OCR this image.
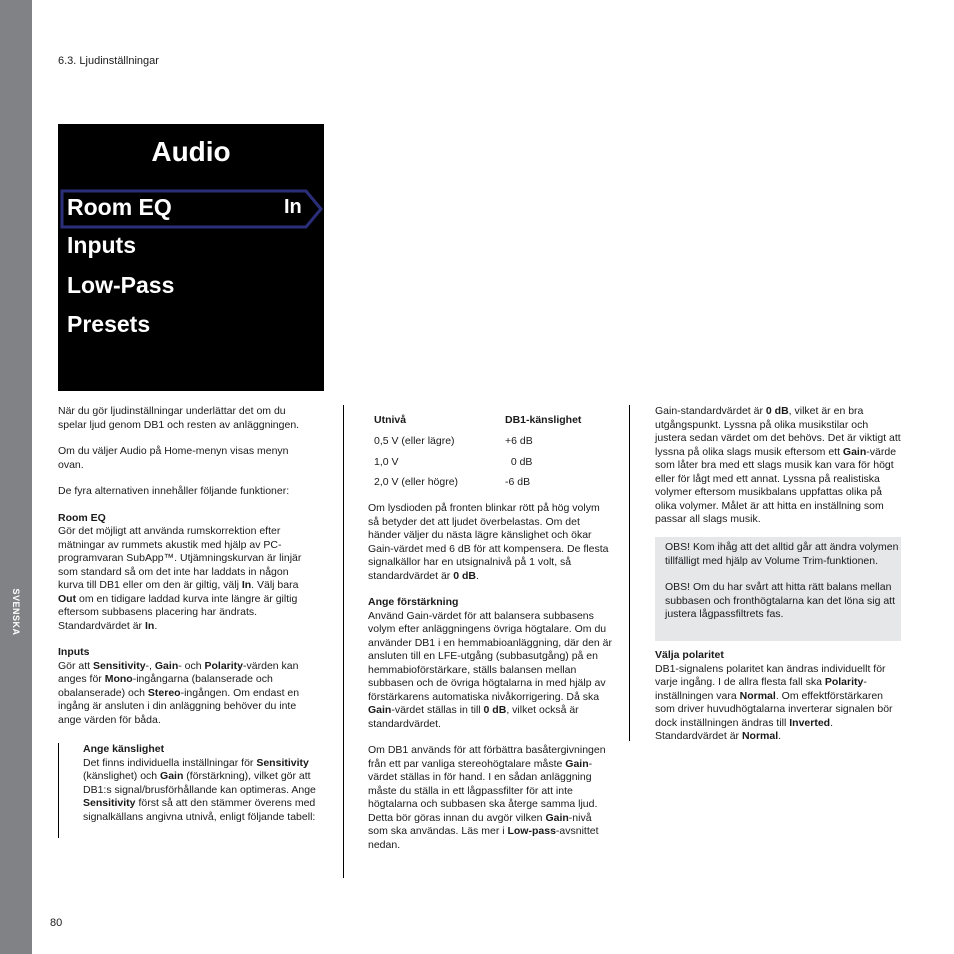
SVENSKA
6.3. Ljudinställningar
Audio
Room EQ	In
Inputs
Low-Pass
Presets

När du gör ljudinställningar underlättar det om du spelar ljud genom DB1 och resten av anläggningen.

Om du väljer Audio på Home-menyn visas menyn ovan.

De fyra alternativen innehåller följande funktioner:

Room EQ

Gör det möjligt att använda rumskorrektion efter mätningar av rummets akustik med hjälp av PC-programvaran SubApp™. Utjämningskurvan är linjär som standard så om det inte har laddats in någon kurva till DB1 eller om den är giltig, välj In. Välj bara Out om en tidigare laddad kurva inte längre är giltig eftersom subbasens placering har ändrats. Standardvärdet är In.

Inputs

Gör att Sensitivity-, Gain- och Polarity-värden kan anges för Mono-ingångarna (balanserade och obalanserade) och Stereo-ingången. Om endast en ingång är ansluten i din anläggning behöver du inte ange värden för båda.

Ange känslighet

Det finns individuella inställningar för Sensitivity (känslighet) och Gain (förstärkning), vilket gör att DB1:s signal/brusförhållande kan optimeras. Ange Sensitivity först så att den stämmer överens med signalkällans angivna utnivå, enligt följande tabell:

Utnivå	DB1-känslighet
0,5 V (eller lägre)	+6 dB
1,0 V	0 dB
2,0 V (eller högre)	-6 dB

Om lysdioden på fronten blinkar rött på hög volym så betyder det att ljudet överbelastas. Om det händer väljer du nästa lägre känslighet och ökar Gain-värdet med 6 dB för att kompensera. De flesta signalkällor har en utsignalnivå på 1 volt, så standardvärdet är 0 dB.

Ange förstärkning

Använd Gain-värdet för att balansera subbasens volym efter anläggningens övriga högtalare. Om du använder DB1 i en hemmabioanläggning, där den är ansluten till en LFE-utgång (subbasutgång) på en hemmabioförstärkare, ställs balansen mellan subbasen och de övriga högtalarna in med hjälp av förstärkarens automatiska nivåkorrigering. Då ska Gain-värdet ställas in till 0 dB, vilket också är standardvärdet.

Om DB1 används för att förbättra basåtergivningen från ett par vanliga stereohögtalare måste Gain-värdet ställas in för hand. I en sådan anläggning måste du ställa in ett lågpassfilter för att inte högtalarna och subbasen ska återge samma ljud. Detta bör göras innan du avgör vilken Gain-nivå som ska användas. Läs mer i Low-pass-avsnittet nedan.

Gain-standardvärdet är 0 dB, vilket är en bra utgångspunkt. Lyssna på olika musikstilar och justera sedan värdet om det behövs. Det är viktigt att lyssna på olika slags musik eftersom ett Gain-värde som låter bra med ett slags musik kan vara för högt eller för lågt med ett annat. Lyssna på realistiska volymer eftersom musikbalans uppfattas olika på olika volymer. Målet är att hitta en inställning som passar all slags musik.

OBS! Kom ihåg att det alltid går att ändra volymen tillfälligt med hjälp av Volume Trim-funktionen.

OBS! Om du har svårt att hitta rätt balans mellan subbasen och fronthögtalarna kan det löna sig att justera lågpassfiltrets fas.

Välja polaritet

DB1-signalens polaritet kan ändras individuellt för varje ingång. I de allra flesta fall ska Polarity-inställningen vara Normal. Om effektförstärkaren som driver huvudhögtalarna inverterar signalen bör dock inställningen ändras till Inverted. Standardvärdet är Normal.

80
